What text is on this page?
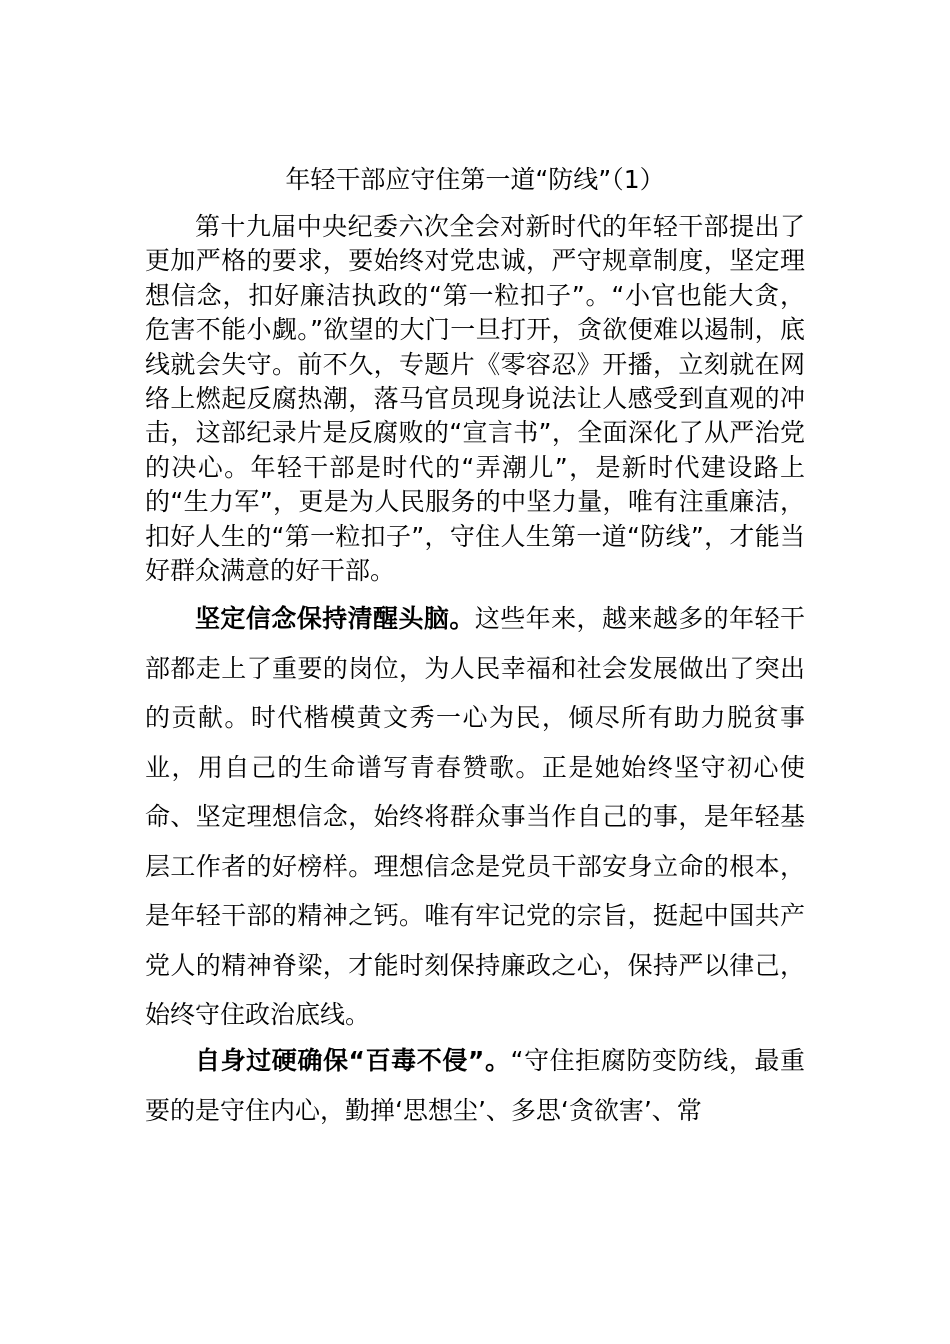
年轻干部应守住第一道“防线”（1）

第十九届中央纪委六次全会对新时代的年轻干部提出了更加严格的要求，要始终对党忠诚，严守规章制度，坚定理想信念，扣好廉洁执政的“第一粒扣子”。“小官也能大贪，危害不能小觑。”欲望的大门一旦打开，贪欲便难以遏制，底线就会失守。前不久，专题片《零容忍》开播，立刻就在网络上燃起反腐热潮，落马官员现身说法让人感受到直观的冲击，这部纪录片是反腐败的“宣言书”，全面深化了从严治党的决心。年轻干部是时代的“弄潮儿”，是新时代建设路上的“生力军”，更是为人民服务的中坚力量，唯有注重廉洁，扣好人生的“第一粒扣子”，守住人生第一道“防线”，才能当好群众满意的好干部。

坚定信念保持清醒头脑。这些年来，越来越多的年轻干部都走上了重要的岗位，为人民幸福和社会发展做出了突出的贡献。时代楷模黄文秀一心为民，倾尽所有助力脱贫事业，用自己的生命谱写青春赞歌。正是她始终坚守初心使命、坚定理想信念，始终将群众事当作自己的事，是年轻基层工作者的好榜样。理想信念是党员干部安身立命的根本，是年轻干部的精神之钙。唯有牢记党的宗旨，挺起中国共产党人的精神脊梁，才能时刻保持廉政之心，保持严以律己，始终守住政治底线。

自身过硬确保“百毒不侵”。“守住拒腐防变防线，最重要的是守住内心，勤掸‘思想尘’、多思‘贪欲害’、常
